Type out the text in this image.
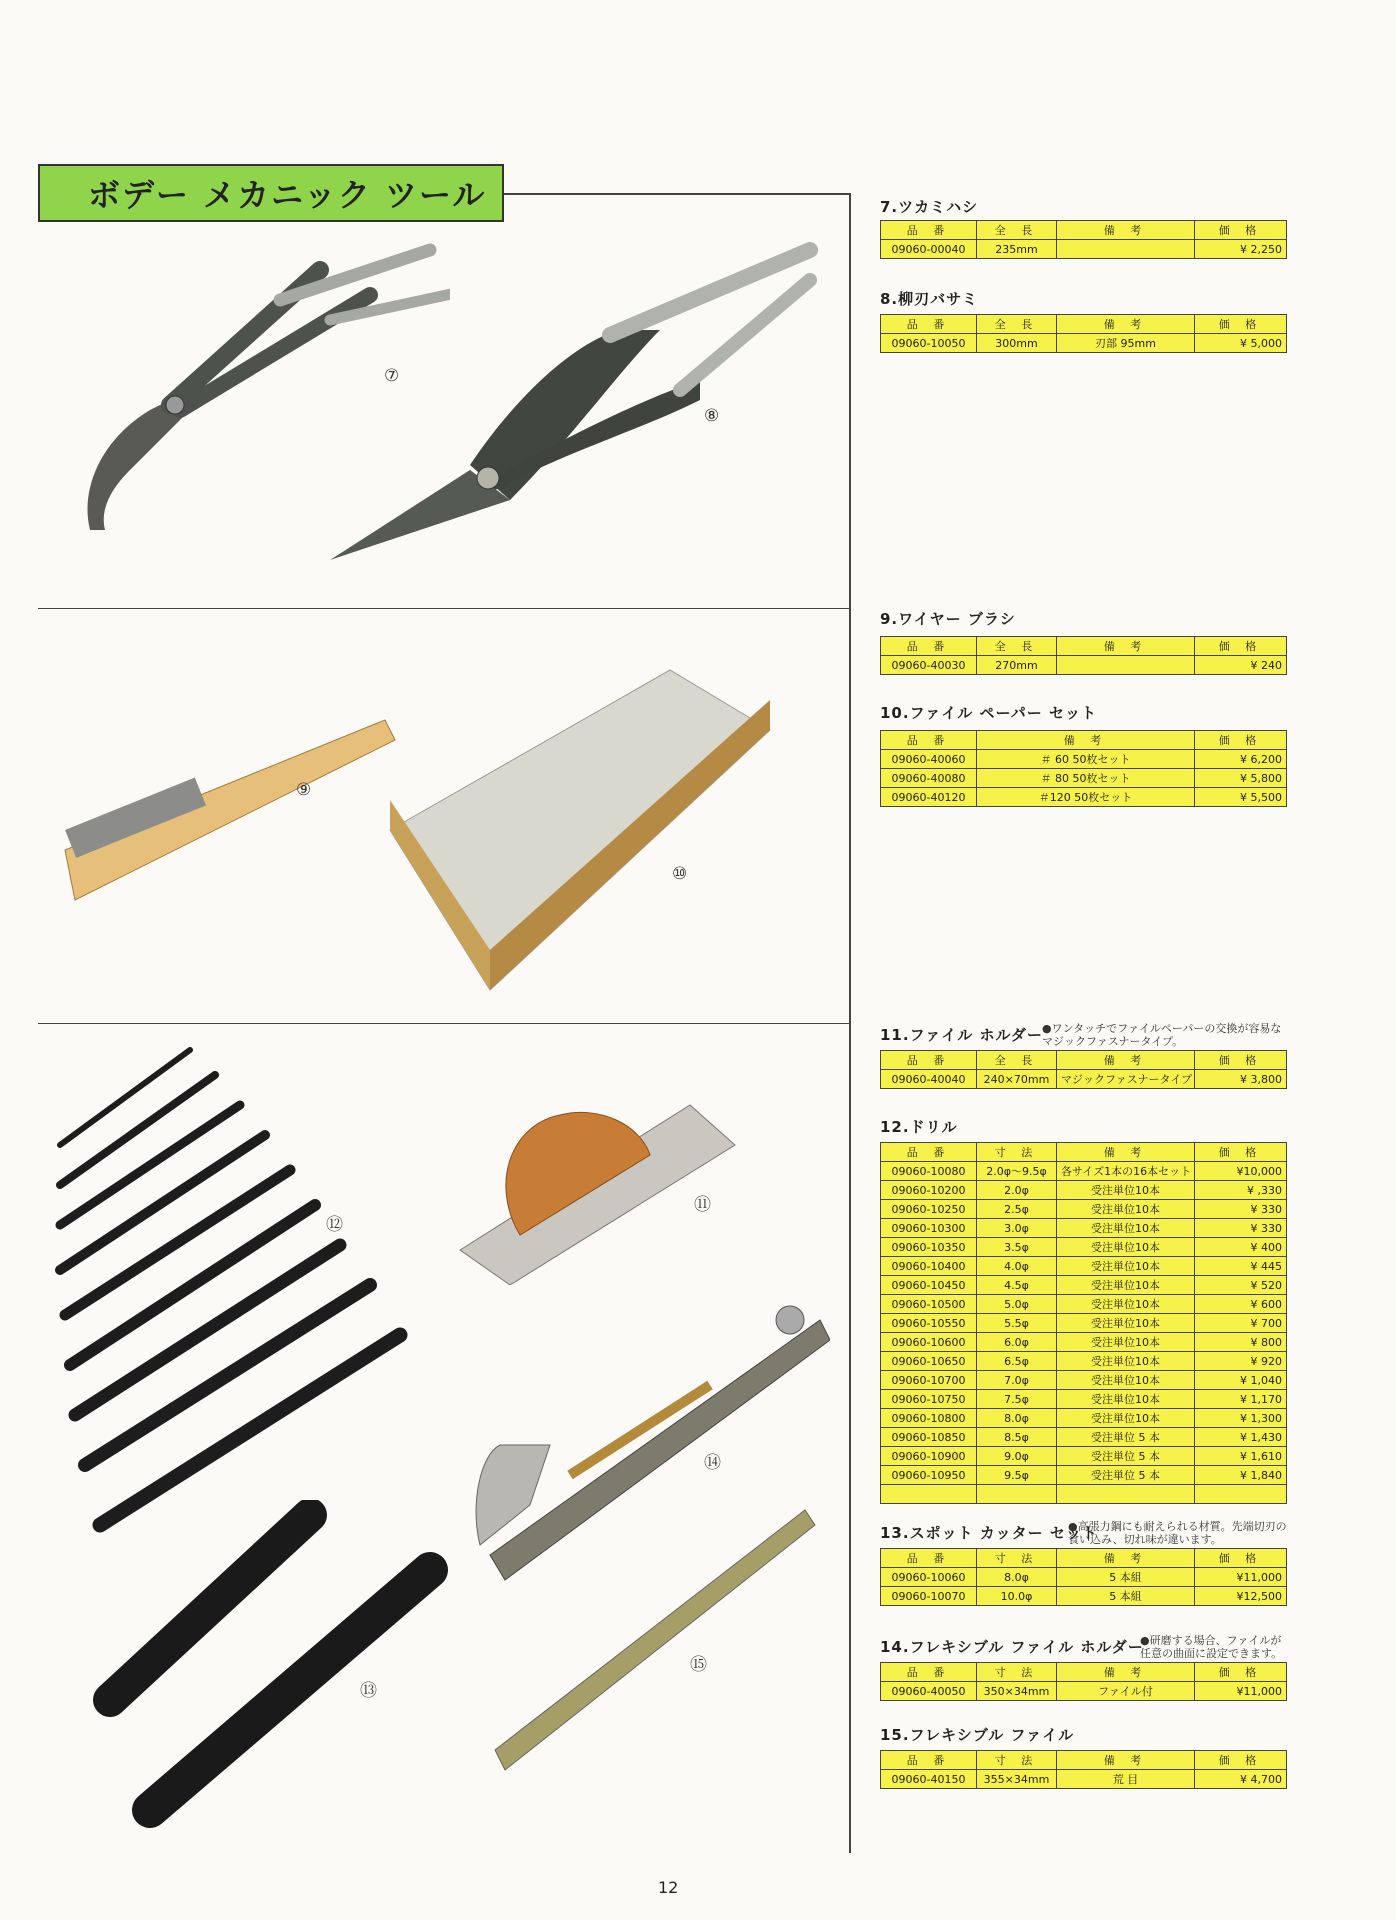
ボデー メカニック ツール
⑦
⑧
⑨
⑩
⑪
⑫
⑬
⑭
⑮
7.ツカミハシ
品 番	全 長	備 考	価 格
09060-00040	235mm		¥ 2,250
8.柳刃バサミ
品 番	全 長	備 考	価 格
09060-10050	300mm	刃部 95mm	¥ 5,000
9.ワイヤー ブラシ
品 番	全 長	備 考	価 格
09060-40030	270mm		¥ 240
10.ファイル ペーパー セット
品 番	備 考	価 格
09060-40060	＃ 60 50枚セット	¥ 6,200
09060-40080	＃ 80 50枚セット	¥ 5,800
09060-40120	＃120 50枚セット	¥ 5,500
11.ファイル ホルダー ●ワンタッチでファイルペーパーの交換が容易なマジックファスナータイプ。
品 番	全 長	備 考	価 格
09060-40040	240×70mm	マジックファスナータイプ	¥ 3,800
12.ドリル
品 番	寸 法	備 考	価 格
09060-10080	2.0φ〜9.5φ	各サイズ1本の16本セット	¥10,000
09060-10200	2.0φ	受注単位10本	¥ ,330
09060-10250	2.5φ	受注単位10本	¥ 330
09060-10300	3.0φ	受注単位10本	¥ 330
09060-10350	3.5φ	受注単位10本	¥ 400
09060-10400	4.0φ	受注単位10本	¥ 445
09060-10450	4.5φ	受注単位10本	¥ 520
09060-10500	5.0φ	受注単位10本	¥ 600
09060-10550	5.5φ	受注単位10本	¥ 700
09060-10600	6.0φ	受注単位10本	¥ 800
09060-10650	6.5φ	受注単位10本	¥ 920
09060-10700	7.0φ	受注単位10本	¥ 1,040
09060-10750	7.5φ	受注単位10本	¥ 1,170
09060-10800	8.0φ	受注単位10本	¥ 1,300
09060-10850	8.5φ	受注単位 5 本	¥ 1,430
09060-10900	9.0φ	受注単位 5 本	¥ 1,610
09060-10950	9.5φ	受注単位 5 本	¥ 1,840

13.スポット カッター セット
●高張力鋼にも耐えられる材質。先端切刃の食い込み、切れ味が違います。
品 番	寸 法	備 考	価 格
09060-10060	8.0φ	5 本組	¥11,000
09060-10070	10.0φ	5 本組	¥12,500
14.フレキシブル ファイル ホルダー
●研磨する場合、ファイルが任意の曲面に設定できます。
品 番	寸 法	備 考	価 格
09060-40050	350×34mm	ファイル付	¥11,000
15.フレキシブル ファイル
品 番	寸 法	備 考	価 格
09060-40150	355×34mm	荒 目	¥ 4,700
12
